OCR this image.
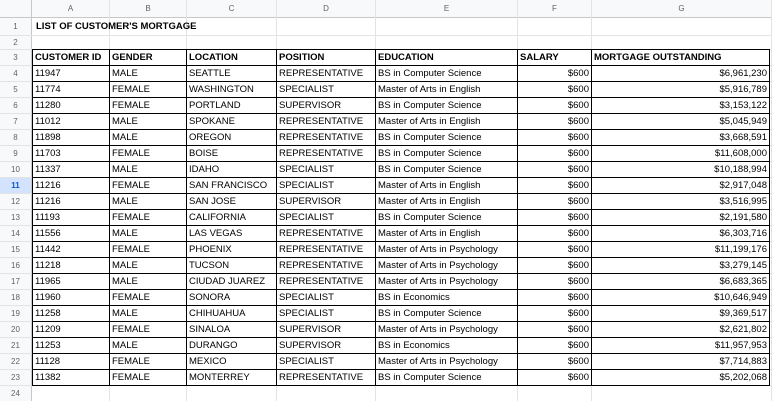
A	B	C	D	E	F	G
1
2
3
4
5
6
7
8
9
10
11
12
13
14
15
16
17
18
19
20
21
22
23
24
LIST OF CUSTOMER'S MORTGAGE
CUSTOMER ID	GENDER	LOCATION	POSITION	EDUCATION	SALARY	MORTGAGE OUTSTANDING
11947	MALE	SEATTLE	REPRESENTATIVE	BS in Computer Science	$600	$6,961,230
11774	FEMALE	WASHINGTON	SPECIALIST	Master of Arts in English	$600	$5,916,789
11280	FEMALE	PORTLAND	SUPERVISOR	BS in Computer Science	$600	$3,153,122
11012	MALE	SPOKANE	REPRESENTATIVE	Master of Arts in English	$600	$5,045,949
11898	MALE	OREGON	REPRESENTATIVE	BS in Computer Science	$600	$3,668,591
11703	FEMALE	BOISE	REPRESENTATIVE	BS in Computer Science	$600	$11,608,000
11337	MALE	IDAHO	SPECIALIST	BS in Computer Science	$600	$10,188,994
11216	FEMALE	SAN FRANCISCO	SPECIALIST	Master of Arts in English	$600	$2,917,048
11216	MALE	SAN JOSE	SUPERVISOR	Master of Arts in English	$600	$3,516,995
11193	FEMALE	CALIFORNIA	SPECIALIST	BS in Computer Science	$600	$2,191,580
11556	MALE	LAS VEGAS	REPRESENTATIVE	Master of Arts in English	$600	$6,303,716
11442	FEMALE	PHOENIX	REPRESENTATIVE	Master of Arts in Psychology	$600	$11,199,176
11218	MALE	TUCSON	REPRESENTATIVE	Master of Arts in Psychology	$600	$3,279,145
11965	MALE	CIUDAD JUAREZ	REPRESENTATIVE	Master of Arts in Psychology	$600	$6,683,365
11960	FEMALE	SONORA	SPECIALIST	BS in Economics	$600	$10,646,949
11258	MALE	CHIHUAHUA	SPECIALIST	BS in Computer Science	$600	$9,369,517
11209	FEMALE	SINALOA	SUPERVISOR	Master of Arts in Psychology	$600	$2,621,802
11253	MALE	DURANGO	SUPERVISOR	BS in Economics	$600	$11,957,953
11128	FEMALE	MEXICO	SPECIALIST	Master of Arts in Psychology	$600	$7,714,883
11382	FEMALE	MONTERREY	REPRESENTATIVE	BS in Computer Science	$600	$5,202,068
